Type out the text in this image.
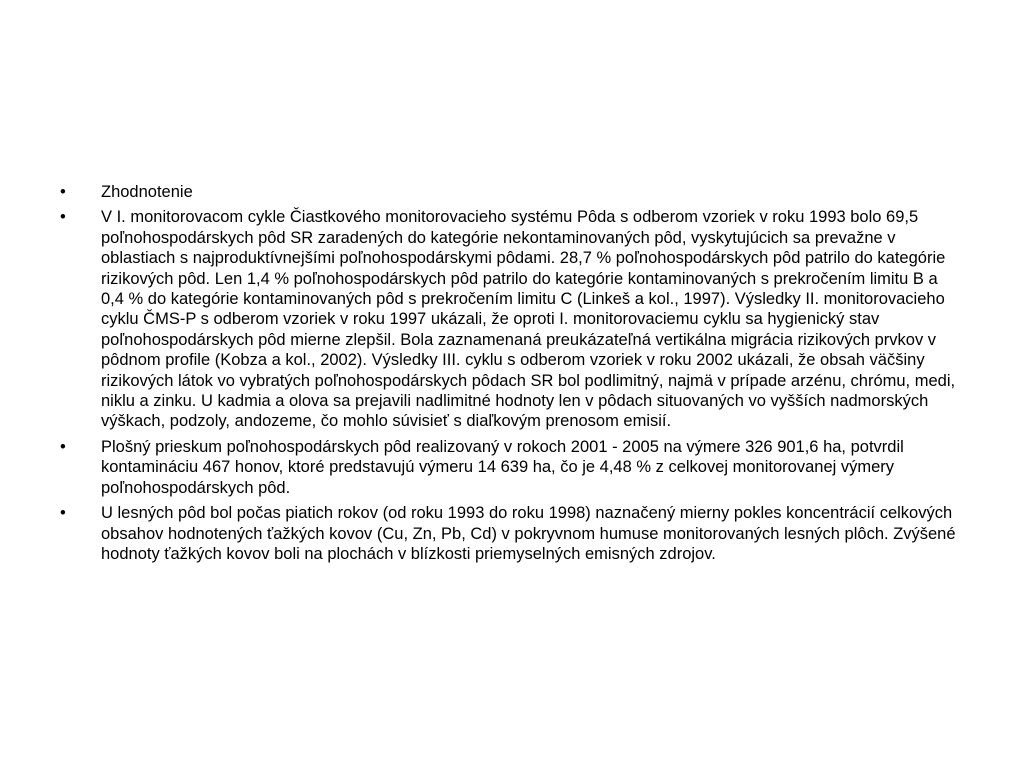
•	Zhodnotenie
•	V I. monitorovacom cykle Čiastkového monitorovacieho systému Pôda s odberom vzoriek v roku 1993 bolo 69,5 poľnohospodárskych pôd SR zaradených do kategórie nekontaminovaných pôd, vyskytujúcich sa prevažne v oblastiach s najproduktívnejšími poľnohospodárskymi pôdami. 28,7 % poľnohospodárskych pôd patrilo do kategórie rizikových pôd. Len 1,4 % poľnohospodárskych pôd patrilo do kategórie kontaminovaných s prekročením limitu B a 0,4 % do kategórie kontaminovaných pôd s prekročením limitu C (Linkeš a kol., 1997). Výsledky II. monitorovacieho cyklu ČMS-P s odberom vzoriek v roku 1997 ukázali, že oproti I. monitorovaciemu cyklu sa hygienický stav poľnohospodárskych pôd mierne zlepšil. Bola zaznamenaná preukázateľná vertikálna migrácia rizikových prvkov v pôdnom profile (Kobza a kol., 2002). Výsledky III. cyklu s odberom vzoriek v roku 2002 ukázali, že obsah väčšiny rizikových látok vo vybratých poľnohospodárskych pôdach SR bol podlimitný, najmä v prípade arzénu, chrómu, medi, niklu a zinku. U kadmia a olova sa prejavili nadlimitné hodnoty len v pôdach situovaných vo vyšších nadmorských výškach, podzoly, andozeme, čo mohlo súvisieť s diaľkovým prenosom emisií.
•	Plošný prieskum poľnohospodárskych pôd realizovaný v rokoch 2001 - 2005 na výmere 326 901,6 ha, potvrdil kontamináciu 467 honov, ktoré predstavujú výmeru 14 639 ha, čo je 4,48 % z celkovej monitorovanej výmery poľnohospodárskych pôd.
•	U lesných pôd bol počas piatich rokov (od roku 1993 do roku 1998) naznačený mierny pokles koncentrácií celkových obsahov hodnotených ťažkých kovov (Cu, Zn, Pb, Cd) v pokryvnom humuse monitorovaných lesných plôch. Zvýšené hodnoty ťažkých kovov boli na plochách v blízkosti priemyselných emisných zdrojov.
